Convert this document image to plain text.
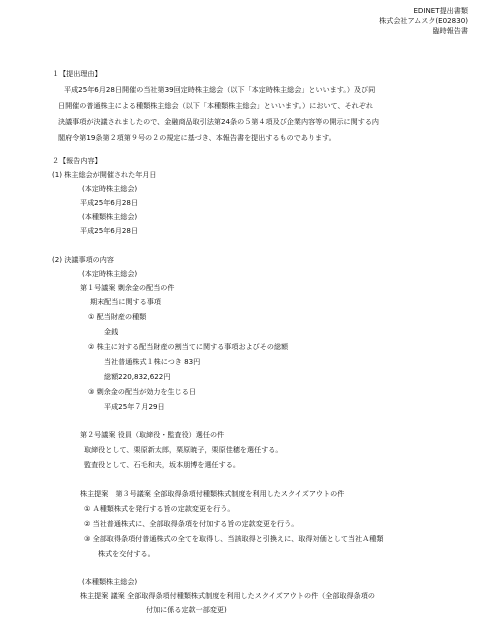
EDINET提出書類
株式会社アムスク(E02830)
臨時報告書
１【提出理由】
平成25年6月28日開催の当社第39回定時株主総会（以下「本定時株主総会」といいます。）及び同
日開催の普通株主による種類株主総会（以下「本種類株主総会」といいます。）において、それぞれ
決議事項が決議されましたので、金融商品取引法第24条の５第４項及び企業内容等の開示に関する内
閣府令第19条第２項第９号の２の規定に基づき、本報告書を提出するものであります。
２【報告内容】
(1) 株主総会が開催された年月日
(本定時株主総会)
平成25年6月28日
(本種類株主総会)
平成25年6月28日
(2) 決議事項の内容
(本定時株主総会)
第１号議案 剰余金の配当の件
期末配当に関する事項
① 配当財産の種類
金銭
② 株主に対する配当財産の割当てに関する事項およびその総額
当社普通株式１株につき 83円
総額220,832,622円
③ 剰余金の配当が効力を生じる日
平成25年７月29日
第２号議案 役員（取締役・監査役）選任の件
取締役として、栗原新太郎，栗原暁子，栗原佳穂を選任する。
監査役として、石毛和夫，坂本朋博を選任する。
株主提案　第３号議案 全部取得条項付種類株式制度を利用したスクイズアウトの件
① Ａ種類株式を発行する旨の定款変更を行う。
② 当社普通株式に、全部取得条項を付加する旨の定款変更を行う。
③ 全部取得条項付普通株式の全てを取得し、当該取得と引換えに、取得対価として当社Ａ種類
株式を交付する。
(本種類株主総会)
株主提案 議案 全部取得条項付種類株式制度を利用したスクイズアウトの件（全部取得条項の
付加に係る定款一部変更)
